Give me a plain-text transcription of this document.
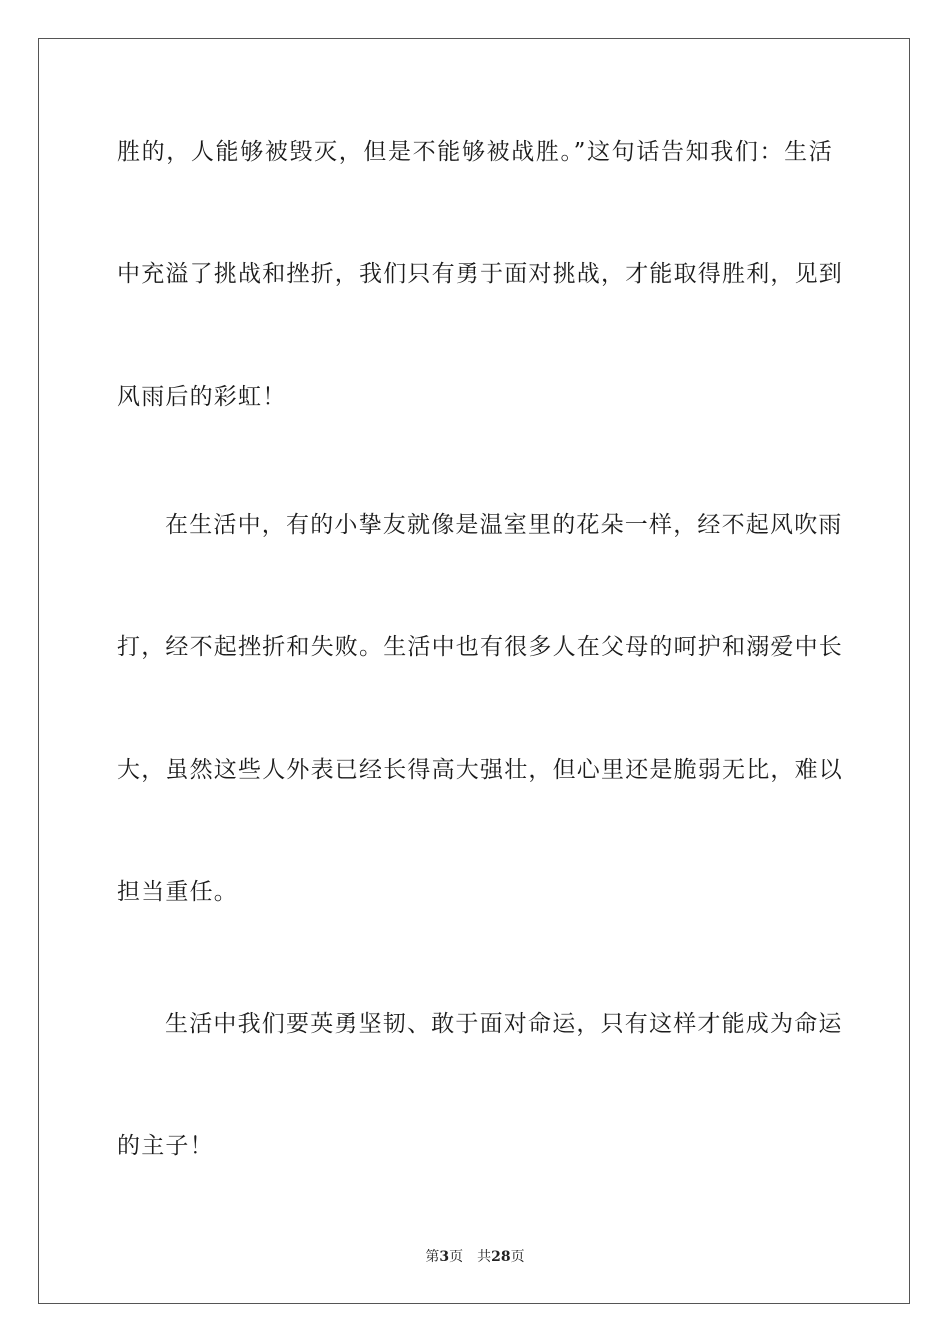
胜的，人能够被毁灭，但是不能够被战胜。”这句话告知我们：生活
中充溢了挑战和挫折，我们只有勇于面对挑战，才能取得胜利，见到
风雨后的彩虹！
在生活中，有的小挚友就像是温室里的花朵一样，经不起风吹雨
打，经不起挫折和失败。生活中也有很多人在父母的呵护和溺爱中长
大，虽然这些人外表已经长得高大强壮，但心里还是脆弱无比，难以
担当重任。
生活中我们要英勇坚韧、敢于面对命运，只有这样才能成为命运
的主子！
第3页 共28页
